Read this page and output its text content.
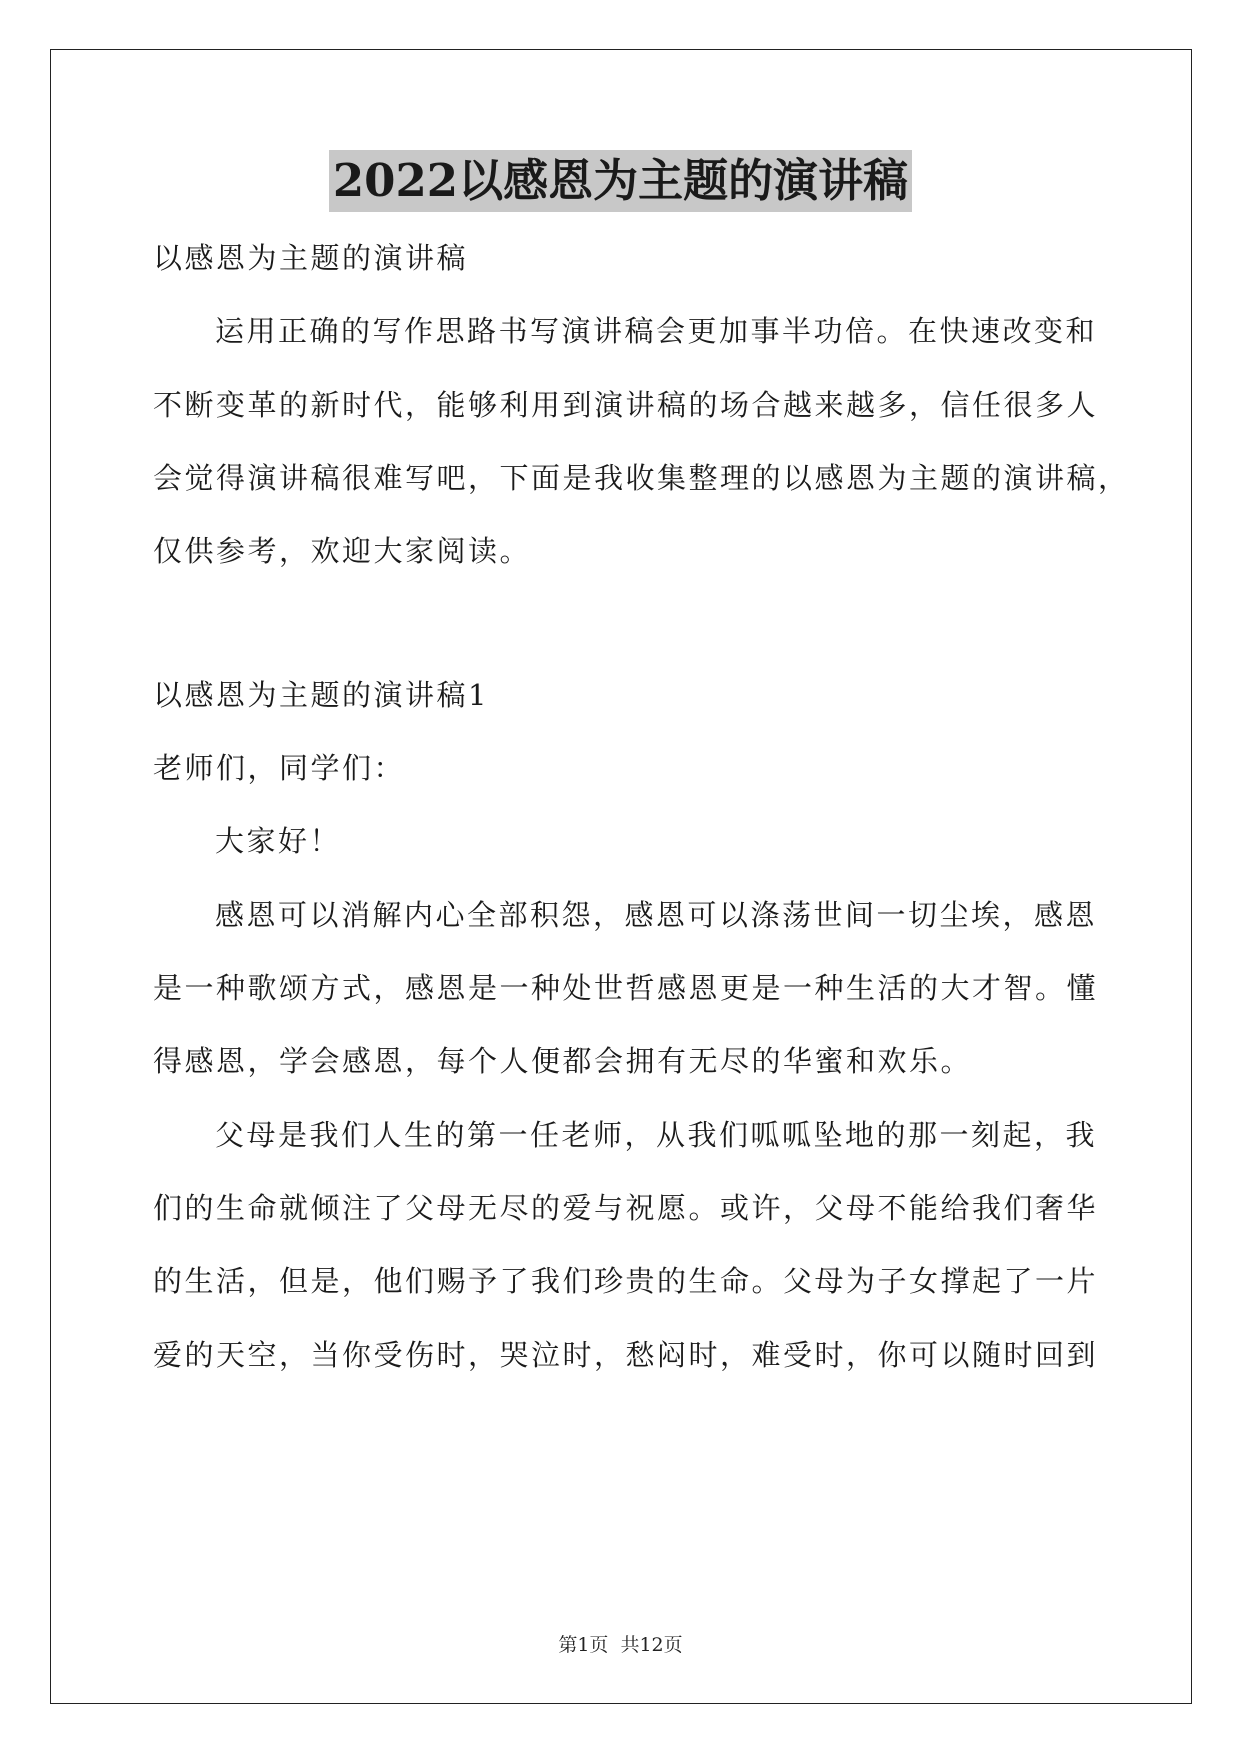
2022以感恩为主题的演讲稿
以感恩为主题的演讲稿
运用正确的写作思路书写演讲稿会更加事半功倍。在快速改变和
不断变革的新时代，能够利用到演讲稿的场合越来越多，信任很多人
会觉得演讲稿很难写吧，下面是我收集整理的以感恩为主题的演讲稿，
仅供参考，欢迎大家阅读。
以感恩为主题的演讲稿1
老师们，同学们：
大家好！
感恩可以消解内心全部积怨，感恩可以涤荡世间一切尘埃，感恩
是一种歌颂方式，感恩是一种处世哲感恩更是一种生活的大才智。懂
得感恩，学会感恩，每个人便都会拥有无尽的华蜜和欢乐。
父母是我们人生的第一任老师，从我们呱呱坠地的那一刻起，我
们的生命就倾注了父母无尽的爱与祝愿。或许，父母不能给我们奢华
的生活，但是，他们赐予了我们珍贵的生命。父母为子女撑起了一片
爱的天空，当你受伤时，哭泣时，愁闷时，难受时，你可以随时回到
第1页 共12页
